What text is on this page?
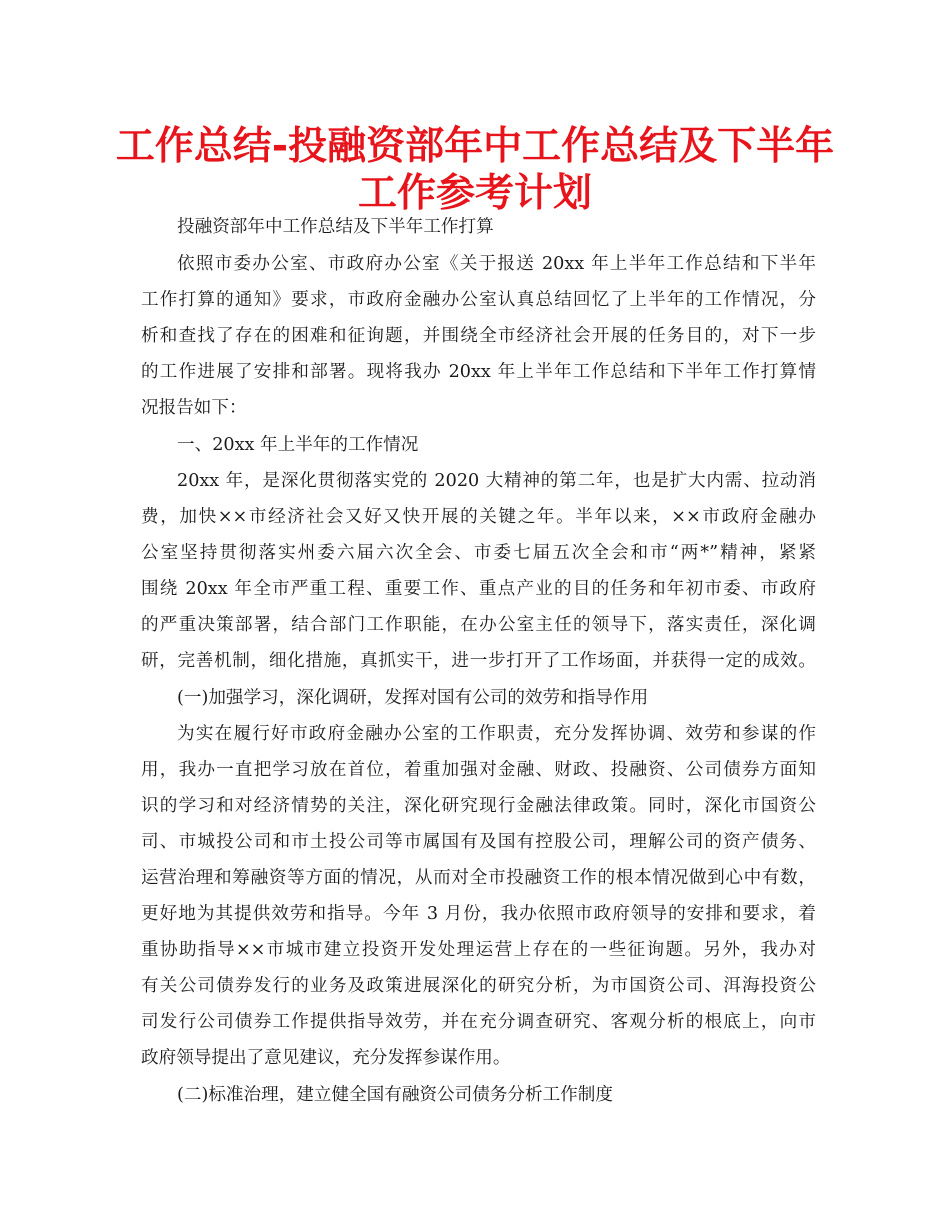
工作总结-投融资部年中工作总结及下半年
工作参考计划
投融资部年中工作总结及下半年工作打算
依照市委办公室、市政府办公室《关于报送 20xx 年上半年工作总结和下半年
工作打算的通知》要求，市政府金融办公室认真总结回忆了上半年的工作情况，分
析和查找了存在的困难和征询题，并围绕全市经济社会开展的任务目的，对下一步
的工作进展了安排和部署。现将我办 20xx 年上半年工作总结和下半年工作打算情
况报告如下：
一、20xx 年上半年的工作情况
20xx 年，是深化贯彻落实党的 2020 大精神的第二年，也是扩大内需、拉动消
费，加快××市经济社会又好又快开展的关键之年。半年以来，××市政府金融办
公室坚持贯彻落实州委六届六次全会、市委七届五次全会和市“两*”精神，紧紧
围绕 20xx 年全市严重工程、重要工作、重点产业的目的任务和年初市委、市政府
的严重决策部署，结合部门工作职能，在办公室主任的领导下，落实责任，深化调
研，完善机制，细化措施，真抓实干，进一步打开了工作场面，并获得一定的成效。
(一)加强学习，深化调研，发挥对国有公司的效劳和指导作用
为实在履行好市政府金融办公室的工作职责，充分发挥协调、效劳和参谋的作
用，我办一直把学习放在首位，着重加强对金融、财政、投融资、公司债券方面知
识的学习和对经济情势的关注，深化研究现行金融法律政策。同时，深化市国资公
司、市城投公司和市土投公司等市属国有及国有控股公司，理解公司的资产债务、
运营治理和筹融资等方面的情况，从而对全市投融资工作的根本情况做到心中有数，
更好地为其提供效劳和指导。今年 3 月份，我办依照市政府领导的安排和要求，着
重协助指导××市城市建立投资开发处理运营上存在的一些征询题。另外，我办对
有关公司债券发行的业务及政策进展深化的研究分析，为市国资公司、洱海投资公
司发行公司债券工作提供指导效劳，并在充分调查研究、客观分析的根底上，向市
政府领导提出了意见建议，充分发挥参谋作用。
(二)标准治理，建立健全国有融资公司债务分析工作制度
